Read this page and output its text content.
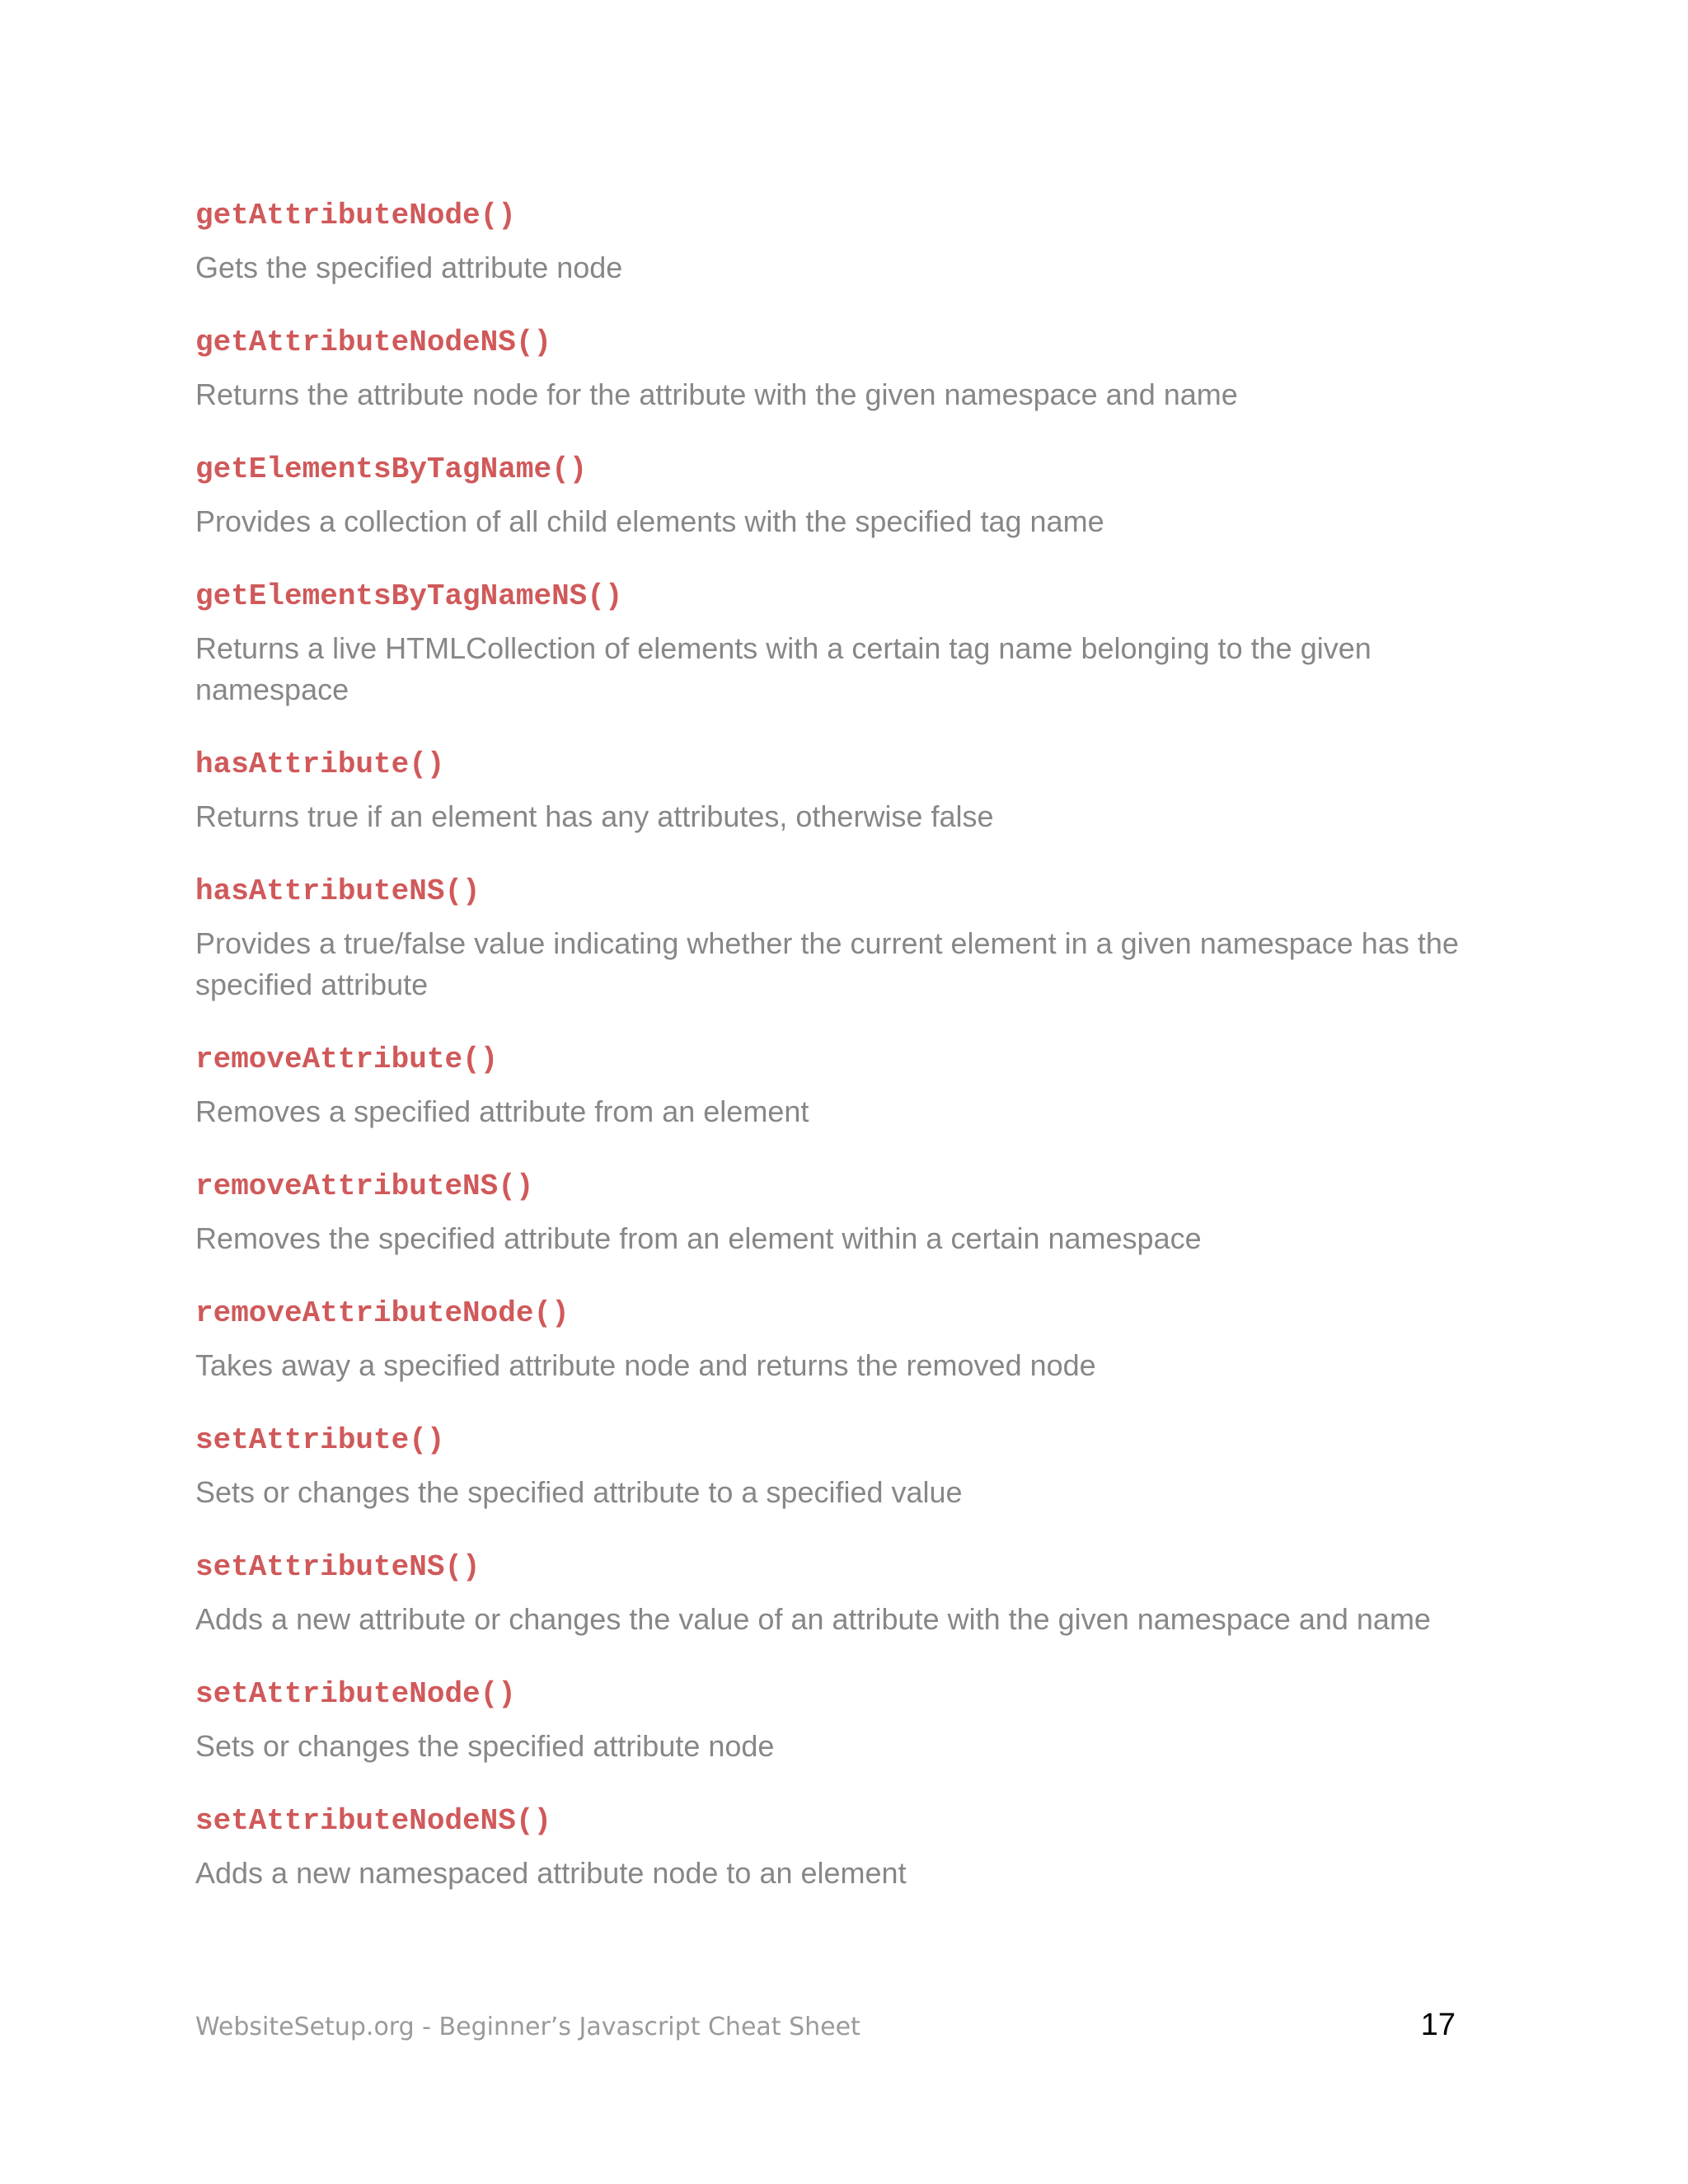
getAttributeNode()

Gets the specified attribute node

getAttributeNodeNS()

Returns the attribute node for the attribute with the given namespace and name

getElementsByTagName()

Provides a collection of all child elements with the specified tag name

getElementsByTagNameNS()

Returns a live HTMLCollection of elements with a certain tag name belonging to the given namespace

hasAttribute()

Returns true if an element has any attributes, otherwise false

hasAttributeNS()

Provides a true/false value indicating whether the current element in a given namespace has the specified attribute

removeAttribute()

Removes a specified attribute from an element

removeAttributeNS()

Removes the specified attribute from an element within a certain namespace

removeAttributeNode()

Takes away a specified attribute node and returns the removed node

setAttribute()

Sets or changes the specified attribute to a specified value

setAttributeNS()

Adds a new attribute or changes the value of an attribute with the given namespace and name

setAttributeNode()

Sets or changes the specified attribute node

setAttributeNodeNS()

Adds a new namespaced attribute node to an element

WebsiteSetup.org - Beginner’s Javascript Cheat Sheet	17
